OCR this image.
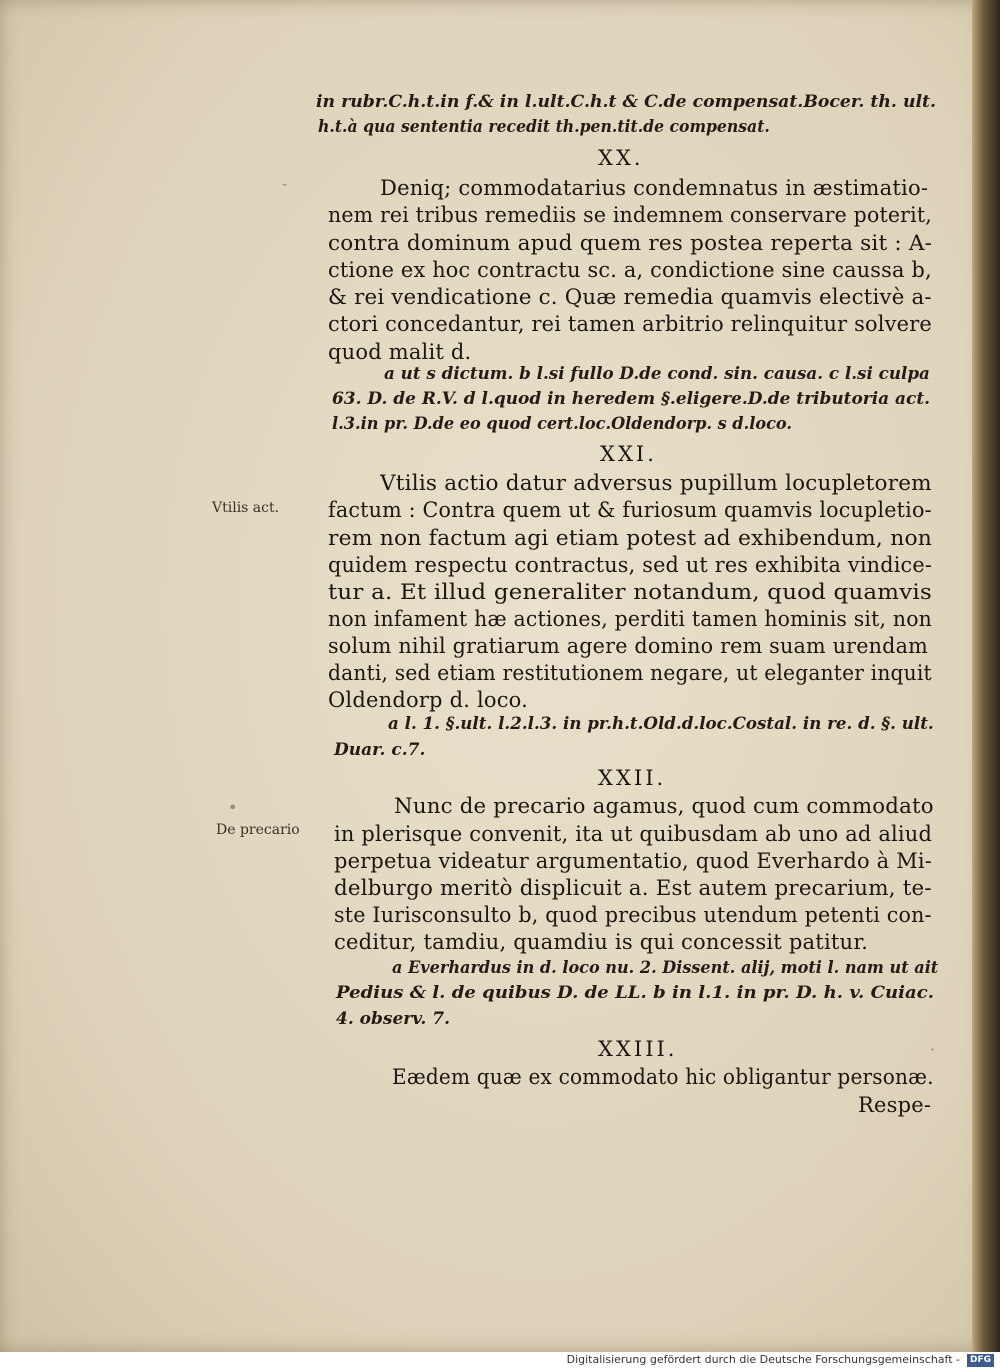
in rubr.C.h.t.in f.& in l.ult.C.h.t & C.de compensat.Bocer. th. ult.
h.t.à qua sententia recedit th.pen.tit.de compensat.
XX.
Deniq; commodatarius condemnatus in æstimatio-
nem rei tribus remediis se indemnem conservare poterit,
contra dominum apud quem res postea reperta sit : A-
ctione ex hoc contractu sc. a, condictione sine caussa b,
& rei vendicatione c. Quæ remedia quamvis electivè a-
ctori concedantur, rei tamen arbitrio relinquitur solvere
quod malit d.
a ut s dictum. b l.si fullo D.de cond. sin. causa. c l.si culpa
63. D. de R.V. d l.quod in heredem §.eligere.D.de tributoria act.
l.3.in pr. D.de eo quod cert.loc.Oldendorp. s d.loco.
XXI.
Vtilis actio datur adversus pupillum locupletorem
factum : Contra quem ut & furiosum quamvis locupletio-
rem non factum agi etiam potest ad exhibendum, non
quidem respectu contractus, sed ut res exhibita vindice-
tur a. Et illud generaliter notandum, quod quamvis
non infament hæ actiones, perditi tamen hominis sit, non
solum nihil gratiarum agere domino rem suam urendam
danti, sed etiam restitutionem negare, ut eleganter inquit
Oldendorp d. loco.
a l. 1. §.ult. l.2.l.3. in pr.h.t.Old.d.loc.Costal. in re. d. §. ult.
Duar. c.7.
XXII.
Nunc de precario agamus, quod cum commodato
in plerisque convenit, ita ut quibusdam ab uno ad aliud
perpetua videatur argumentatio, quod Everhardo à Mi-
delburgo meritò displicuit a. Est autem precarium, te-
ste Iurisconsulto b, quod precibus utendum petenti con-
ceditur, tamdiu, quamdiu is qui concessit patitur.
a Everhardus in d. loco nu. 2. Dissent. alij, moti l. nam ut ait
Pedius & l. de quibus D. de LL. b in l.1. in pr. D. h. v. Cuiac.
4. observ. 7.
XXIII.
Eædem quæ ex commodato hic obligantur personæ.
Respe-
Vtilis act.
De precario
-
•
·
Digitalisierung gefördert durch die Deutsche Forschungsgemeinschaft -	DFG
